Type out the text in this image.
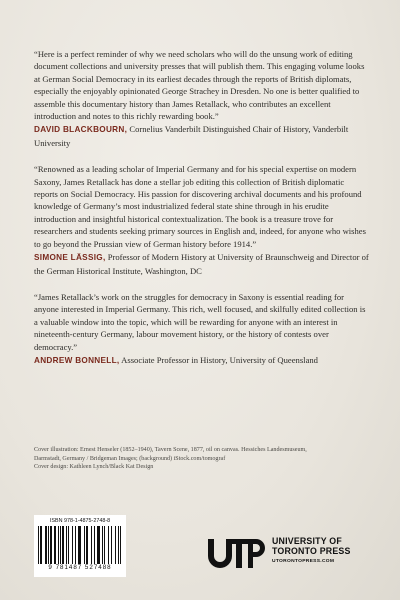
“Here is a perfect reminder of why we need scholars who will do the unsung work of editing document collections and university presses that will publish them. This engaging volume looks at German Social Democracy in its earliest decades through the reports of British diplomats, especially the enjoyably opinionated George Strachey in Dresden. No one is better qualified to assemble this documentary history than James Retallack, who contributes an excellent introduction and notes to this richly rewarding book.”

DAVID BLACKBOURN, Cornelius Vanderbilt Distinguished Chair of History, Vanderbilt University

“Renowned as a leading scholar of Imperial Germany and for his special expertise on modern Saxony, James Retallack has done a stellar job editing this collection of British diplomatic reports on Social Democracy. His passion for discovering archival documents and his profound knowledge of Germany’s most industrialized federal state shine through in his erudite introduction and insightful historical contextualization. The book is a treasure trove for researchers and students seeking primary sources in English and, indeed, for anyone who wishes to go beyond the Prussian view of German history before 1914.”

SIMONE LÄSSIG, Professor of Modern History at University of Braunschweig and Director of the German Historical Institute, Washington, DC

“James Retallack’s work on the struggles for democracy in Saxony is essential reading for anyone interested in Imperial Germany. This rich, well focused, and skilfully edited collection is a valuable window into the topic, which will be rewarding for anyone with an interest in nineteenth-century Germany, labour movement history, or the history of contests over democracy.”

ANDREW BONNELL, Associate Professor in History, University of Queensland

Cover illustration: Ernest Henseler (1852–1940), Tavern Scene, 1877, oil on canvas. Hessiches Landesmuseum, Darmstadt, Germany / Bridgeman Images; (background) iStock.com/tomograf

Cover design: Kathleen Lynch/Black Kat Design

ISBN 978-1-4875-2748-8
9 781487 527488
UNIVERSITY OF
TORONTO PRESS
UTORONTOPRESS.COM
